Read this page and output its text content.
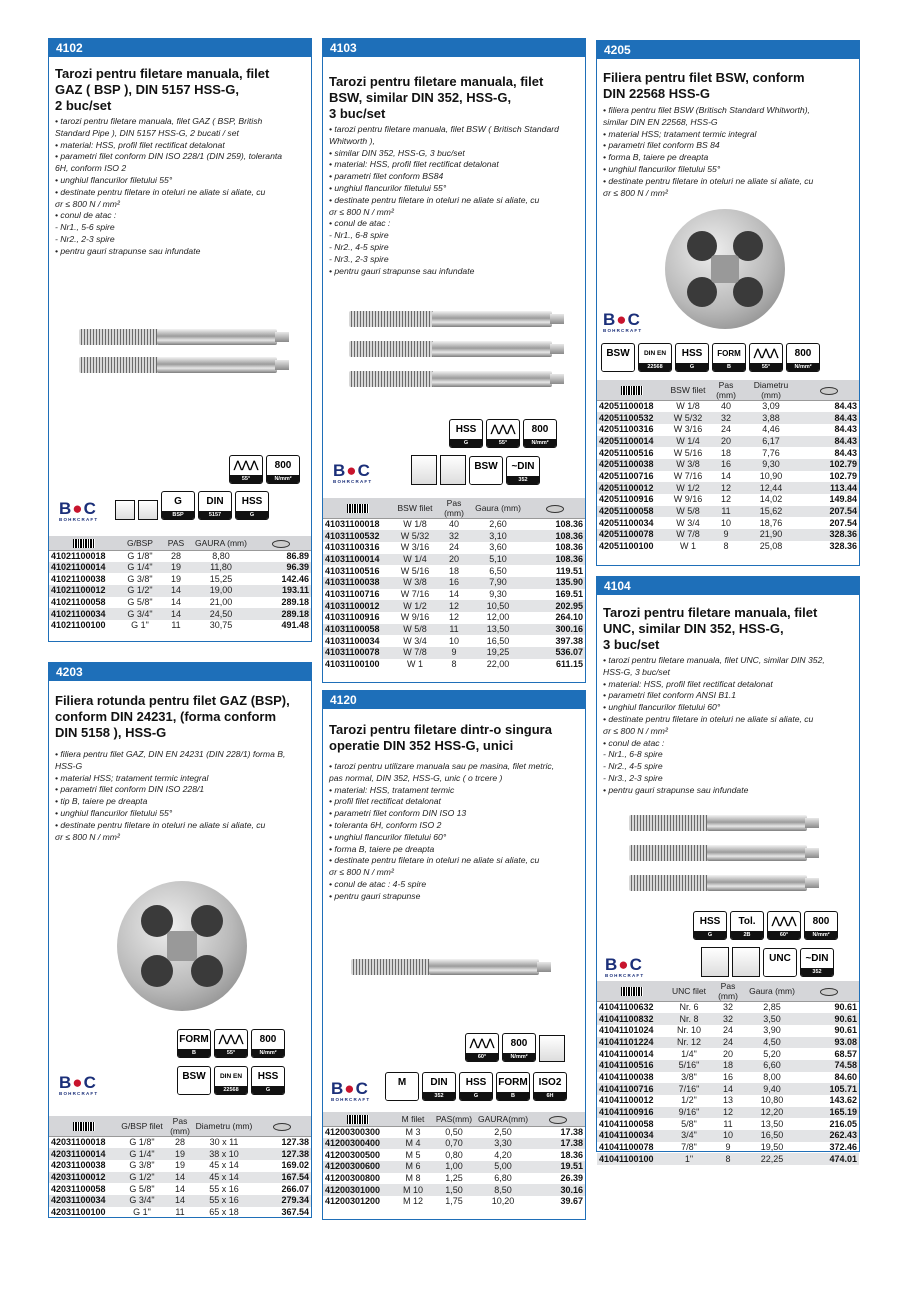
4102
Tarozi pentru filetare manuala, filet
GAZ ( BSP ), DIN 5157 HSS-G,
2 buc/set
• tarozi pentru filetare manuala, filet GAZ ( BSP, British
Standard Pipe ), DIN 5157 HSS-G, 2 bucati / set
• material: HSS, profil filet rectificat detalonat
• parametri filet conform DIN ISO 228/1 (DIN 259), toleranta
6H, conform ISO 2
• unghiul flancurilor filetului 55°
• destinate pentru filetare in oteluri ne aliate si aliate, cu
σr ≤ 800 N / mm²
• conul de atac :
- Nr1., 5-6 spire
- Nr2., 2-3 spire
• pentru gauri strapunse sau infundate
⋀⋀⋀
55°
800
N/mm²
B●C
BOHRCRAFT
G
BSP
DIN
5157
HSS
G
	G/BSP	PAS	GAURA (mm)	
41021100018	G 1/8"	28	8,80	86.89
41021100014	G 1/4"	19	11,80	96.39
41021100038	G 3/8"	19	15,25	142.46
41021100012	G 1/2"	14	19,00	193.11
41021100058	G 5/8"	14	21,00	289.18
41021100034	G 3/4"	14	24,50	289.18
41021100100	G 1"	11	30,75	491.48
4203
Filiera rotunda pentru filet GAZ (BSP),
conform DIN 24231, (forma conform
DIN 5158 ), HSS-G
• filiera pentru filet GAZ, DIN EN 24231 (DIN 228/1) forma B,
HSS-G
• material HSS; tratament termic integral
• parametri filet conform DIN ISO 228/1
• tip B, taiere pe dreapta
• unghiul flancurilor filetului 55°
• destinate pentru filetare in oteluri ne aliate si aliate, cu
σr ≤ 800 N / mm²
FORM
B
⋀⋀⋀
55°
800
N/mm²
B●C
BOHRCRAFT
BSW	DIN EN
22568
HSS
G
	G/BSP filet	Pas (mm)	Diametru (mm)	
42031100018	G 1/8"	28	30 x 11	127.38
42031100014	G 1/4"	19	38 x 10	127.38
42031100038	G 3/8"	19	45 x 14	169.02
42031100012	G 1/2"	14	45 x 14	167.54
42031100058	G 5/8"	14	55 x 16	266.07
42031100034	G 3/4"	14	55 x 16	279.34
42031100100	G 1"	11	65 x 18	367.54
4103
Tarozi pentru filetare manuala, filet
BSW, similar DIN 352, HSS-G,
3 buc/set
• tarozi pentru filetare manuala, filet BSW ( Britisch Standard
Whitworth ),
• similar DIN 352, HSS-G, 3 buc/set
• material: HSS, profil filet rectificat detalonat
• parametri filet conform BS84
• unghiul flancurilor filetului 55°
• destinate pentru filetare in oteluri ne aliate si aliate, cu
σr ≤ 800 N / mm²
• conul de atac :
- Nr1., 6-8 spire
- Nr2., 4-5 spire
- Nr3., 2-3 spire
• pentru gauri strapunse sau infundate
HSS
G
⋀⋀⋀
55°
800
N/mm²
B●C
BOHRCRAFT
BSW	~DIN
352
	BSW filet	Pas (mm)	Gaura (mm)	
41031100018	W 1/8	40	2,60	108.36
41031100532	W 5/32	32	3,10	108.36
41031100316	W 3/16	24	3,60	108.36
41031100014	W 1/4	20	5,10	108.36
41031100516	W 5/16	18	6,50	119.51
41031100038	W 3/8	16	7,90	135.90
41031100716	W 7/16	14	9,30	169.51
41031100012	W 1/2	12	10,50	202.95
41031100916	W 9/16	12	12,00	264.10
41031100058	W 5/8	11	13,50	300.16
41031100034	W 3/4	10	16,50	397.38
41031100078	W 7/8	9	19,25	536.07
41031100100	W 1	8	22,00	611.15
4120
Tarozi pentru filetare dintr-o singura
operatie DIN 352 HSS-G, unici
• tarozi pentru utilizare manuala sau pe masina, filet metric,
pas normal, DIN 352, HSS-G, unic ( o trcere )
• material: HSS, tratament termic
• profil filet rectificat detalonat
• parametri filet conform DIN ISO 13
• toleranta 6H, conform ISO 2
• unghiul flancurilor filetului 60°
• forma B, taiere pe dreapta
• destinate pentru filetare in oteluri ne aliate si aliate, cu
σr ≤ 800 N / mm²
• conul de atac : 4-5 spire
• pentru gauri strapunse
⋀⋀⋀
60°
800
N/mm²
B●C
BOHRCRAFT
M	DIN
352
HSS
G
FORM
B
ISO2
6H
	M filet	PAS(mm)	GAURA(mm)	
41200300300	M 3	0,50	2,50	17.38
41200300400	M 4	0,70	3,30	17.38
41200300500	M 5	0,80	4,20	18.36
41200300600	M 6	1,00	5,00	19.51
41200300800	M 8	1,25	6,80	26.39
41200301000	M 10	1,50	8,50	30.16
41200301200	M 12	1,75	10,20	39.67
4205
Filiera pentru filet BSW, conform
DIN 22568 HSS-G
• filiera pentru filet BSW (Britisch Standard Whitworth),
similar DIN EN 22568, HSS-G
• material HSS; tratament termic integral
• parametri filet conform BS 84
• forma B, taiere pe dreapta
• unghiul flancurilor filetului 55°
• destinate pentru filetare in oteluri ne aliate si aliate, cu
σr ≤ 800 N / mm²
B●C
BOHRCRAFT
BSW	DIN EN
22568
HSS
G
FORM
B
⋀⋀⋀
55°
800
N/mm²
	BSW filet	Pas (mm)	Diametru (mm)	
42051100018	W 1/8	40	3,09	84.43
42051100532	W 5/32	32	3,88	84.43
42051100316	W 3/16	24	4,46	84.43
42051100014	W 1/4	20	6,17	84.43
42051100516	W 5/16	18	7,76	84.43
42051100038	W 3/8	16	9,30	102.79
42051100716	W 7/16	14	10,90	102.79
42051100012	W 1/2	12	12,44	113.44
42051100916	W 9/16	12	14,02	149.84
42051100058	W 5/8	11	15,62	207.54
42051100034	W 3/4	10	18,76	207.54
42051100078	W 7/8	9	21,90	328.36
42051100100	W 1	8	25,08	328.36
4104
Tarozi pentru filetare manuala, filet
UNC, similar DIN 352, HSS-G,
3 buc/set
• tarozi pentru filetare manuala, filet UNC, similar DIN 352,
HSS-G, 3 buc/set
• material: HSS, profil filet rectificat detalonat
• parametri filet conform ANSI B1.1
• unghiul flancurilor filetului 60°
• destinate pentru filetare in oteluri ne aliate si aliate, cu
σr ≤ 800 N / mm²
• conul de atac :
- Nr1., 6-8 spire
- Nr2., 4-5 spire
- Nr3., 2-3 spire
• pentru gauri strapunse sau infundate
HSS
G
Tol.
2B
⋀⋀⋀
60°
800
N/mm²
B●C
BOHRCRAFT
UNC	~DIN
352
	UNC filet	Pas (mm)	Gaura (mm)	
41041100632	Nr. 6	32	2,85	90.61
41041100832	Nr. 8	32	3,50	90.61
41041101024	Nr. 10	24	3,90	90.61
41041101224	Nr. 12	24	4,50	93.08
41041100014	1/4"	20	5,20	68.57
41041100516	5/16"	18	6,60	74.58
41041100038	3/8"	16	8,00	84.60
41041100716	7/16"	14	9,40	105.71
41041100012	1/2"	13	10,80	143.62
41041100916	9/16"	12	12,20	165.19
41041100058	5/8"	11	13,50	216.05
41041100034	3/4"	10	16,50	262.43
41041100078	7/8"	9	19,50	372.46
41041100100	1"	8	22,25	474.01
